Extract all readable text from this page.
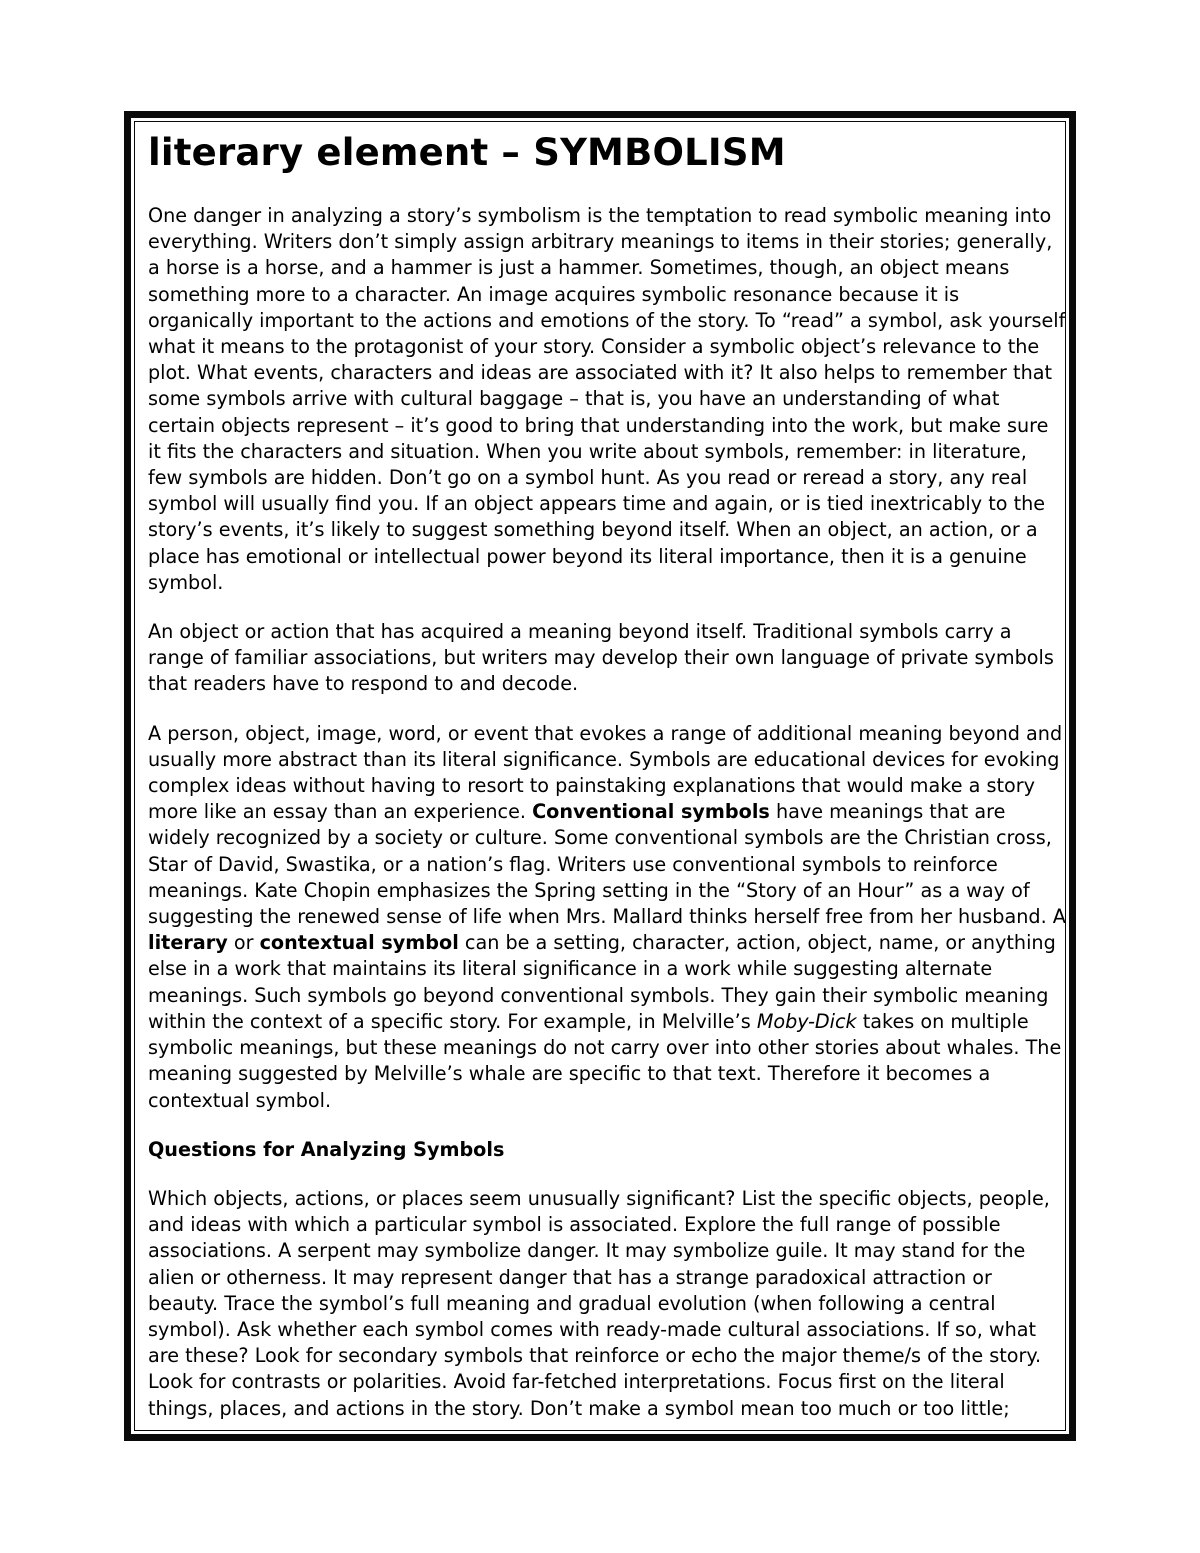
literary element – SYMBOLISM

One danger in analyzing a story’s symbolism is the temptation to read symbolic meaning into everything. Writers don’t simply assign arbitrary meanings to items in their stories; generally, a horse is a horse, and a hammer is just a hammer. Sometimes, though, an object means something more to a character. An image acquires symbolic resonance because it is organically important to the actions and emotions of the story. To “read” a symbol, ask yourself what it means to the protagonist of your story. Consider a symbolic object’s relevance to the plot. What events, characters and ideas are associated with it? It also helps to remember that some symbols arrive with cultural baggage – that is, you have an understanding of what certain objects represent – it’s good to bring that understanding into the work, but make sure it fits the characters and situation. When you write about symbols, remember: in literature, few symbols are hidden. Don’t go on a symbol hunt. As you read or reread a story, any real symbol will usually find you. If an object appears time and again, or is tied inextricably to the story’s events, it’s likely to suggest something beyond itself. When an object, an action, or a place has emotional or intellectual power beyond its literal importance, then it is a genuine symbol.

An object or action that has acquired a meaning beyond itself. Traditional symbols carry a range of familiar associations, but writers may develop their own language of private symbols that readers have to respond to and decode.

A person, object, image, word, or event that evokes a range of additional meaning beyond and usually more abstract than its literal significance. Symbols are educational devices for evoking complex ideas without having to resort to painstaking explanations that would make a story more like an essay than an experience. Conventional symbols have meanings that are widely recognized by a society or culture. Some conventional symbols are the Christian cross, Star of David, Swastika, or a nation’s flag. Writers use conventional symbols to reinforce meanings. Kate Chopin emphasizes the Spring setting in the “Story of an Hour” as a way of suggesting the renewed sense of life when Mrs. Mallard thinks herself free from her husband. A literary or contextual symbol can be a setting, character, action, object, name, or anything else in a work that maintains its literal significance in a work while suggesting alternate meanings. Such symbols go beyond conventional symbols. They gain their symbolic meaning within the context of a specific story. For example, in Melville’s Moby-Dick takes on multiple symbolic meanings, but these meanings do not carry over into other stories about whales. The meaning suggested by Melville’s whale are specific to that text. Therefore it becomes a contextual symbol.

Questions for Analyzing Symbols

Which objects, actions, or places seem unusually significant? List the specific objects, people, and ideas with which a particular symbol is associated. Explore the full range of possible associations. A serpent may symbolize danger. It may symbolize guile. It may stand for the alien or otherness. It may represent danger that has a strange paradoxical attraction or beauty. Trace the symbol’s full meaning and gradual evolution (when following a central symbol). Ask whether each symbol comes with ready-made cultural associations. If so, what are these? Look for secondary symbols that reinforce or echo the major theme/s of the story. Look for contrasts or polarities. Avoid far-fetched interpretations. Focus first on the literal things, places, and actions in the story. Don’t make a symbol mean too much or too little;
